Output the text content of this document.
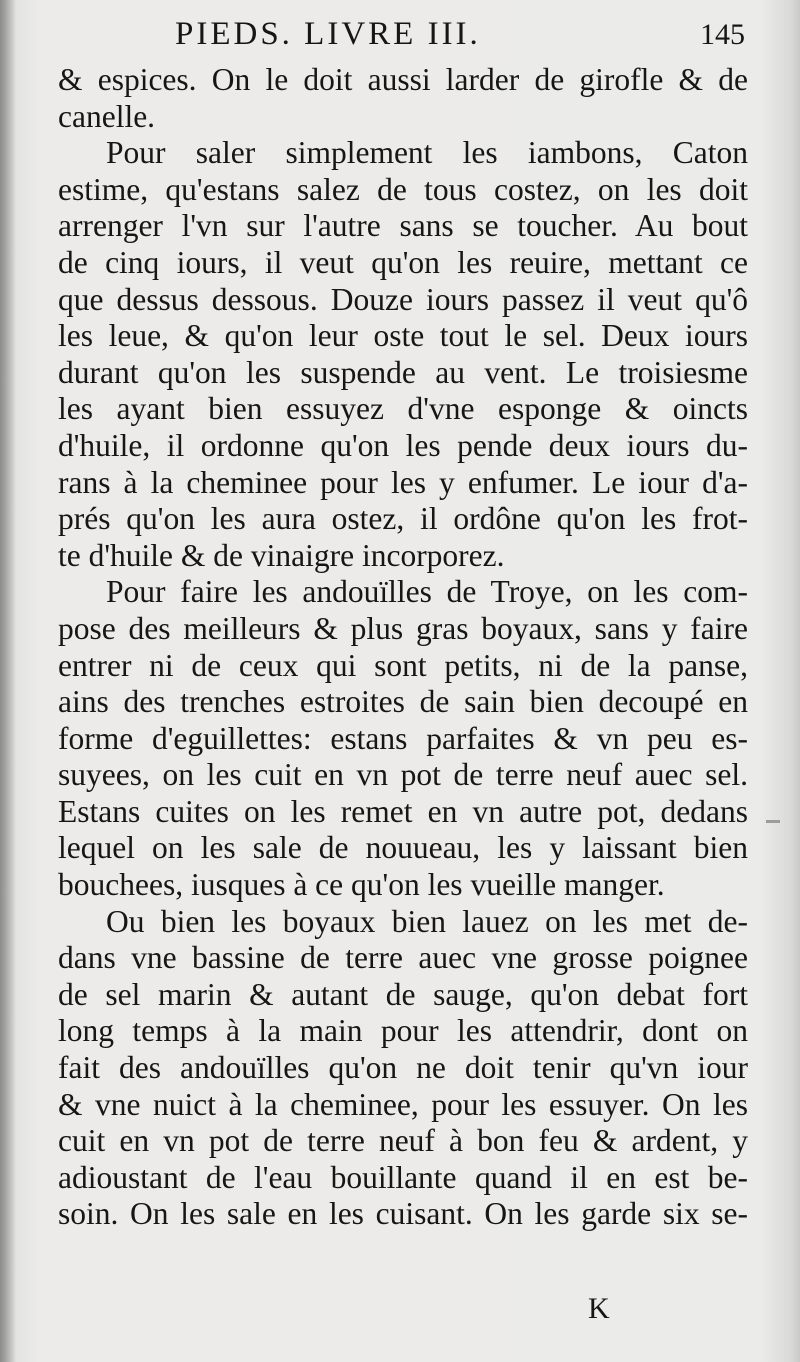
PIEDS. LIVRE III.	145
& espices. On le doit aussi larder de girofle & de
canelle.
Pour saler simplement les iambons, Caton
estime, qu'estans salez de tous costez, on les doit
arrenger l'vn sur l'autre sans se toucher. Au bout
de cinq iours, il veut qu'on les reuire, mettant ce
que dessus dessous. Douze iours passez il veut qu'ô
les leue, & qu'on leur oste tout le sel. Deux iours
durant qu'on les suspende au vent. Le troisiesme
les ayant bien essuyez d'vne esponge & oincts
d'huile, il ordonne qu'on les pende deux iours du-
rans à la cheminee pour les y enfumer. Le iour d'a-
prés qu'on les aura ostez, il ordône qu'on les frot-
te d'huile & de vinaigre incorporez.
Pour faire les andouïlles de Troye, on les com-
pose des meilleurs & plus gras boyaux, sans y faire
entrer ni de ceux qui sont petits, ni de la panse,
ains des trenches estroites de sain bien decoupé en
forme d'eguillettes: estans parfaites & vn peu es-
suyees, on les cuit en vn pot de terre neuf auec sel.
Estans cuites on les remet en vn autre pot, dedans
lequel on les sale de nouueau, les y laissant bien
bouchees, iusques à ce qu'on les vueille manger.
Ou bien les boyaux bien lauez on les met de-
dans vne bassine de terre auec vne grosse poignee
de sel marin & autant de sauge, qu'on debat fort
long temps à la main pour les attendrir, dont on
fait des andouïlles qu'on ne doit tenir qu'vn iour
& vne nuict à la cheminee, pour les essuyer. On les
cuit en vn pot de terre neuf à bon feu & ardent, y
adioustant de l'eau bouillante quand il en est be-
soin. On les sale en les cuisant. On les garde six se-
K
